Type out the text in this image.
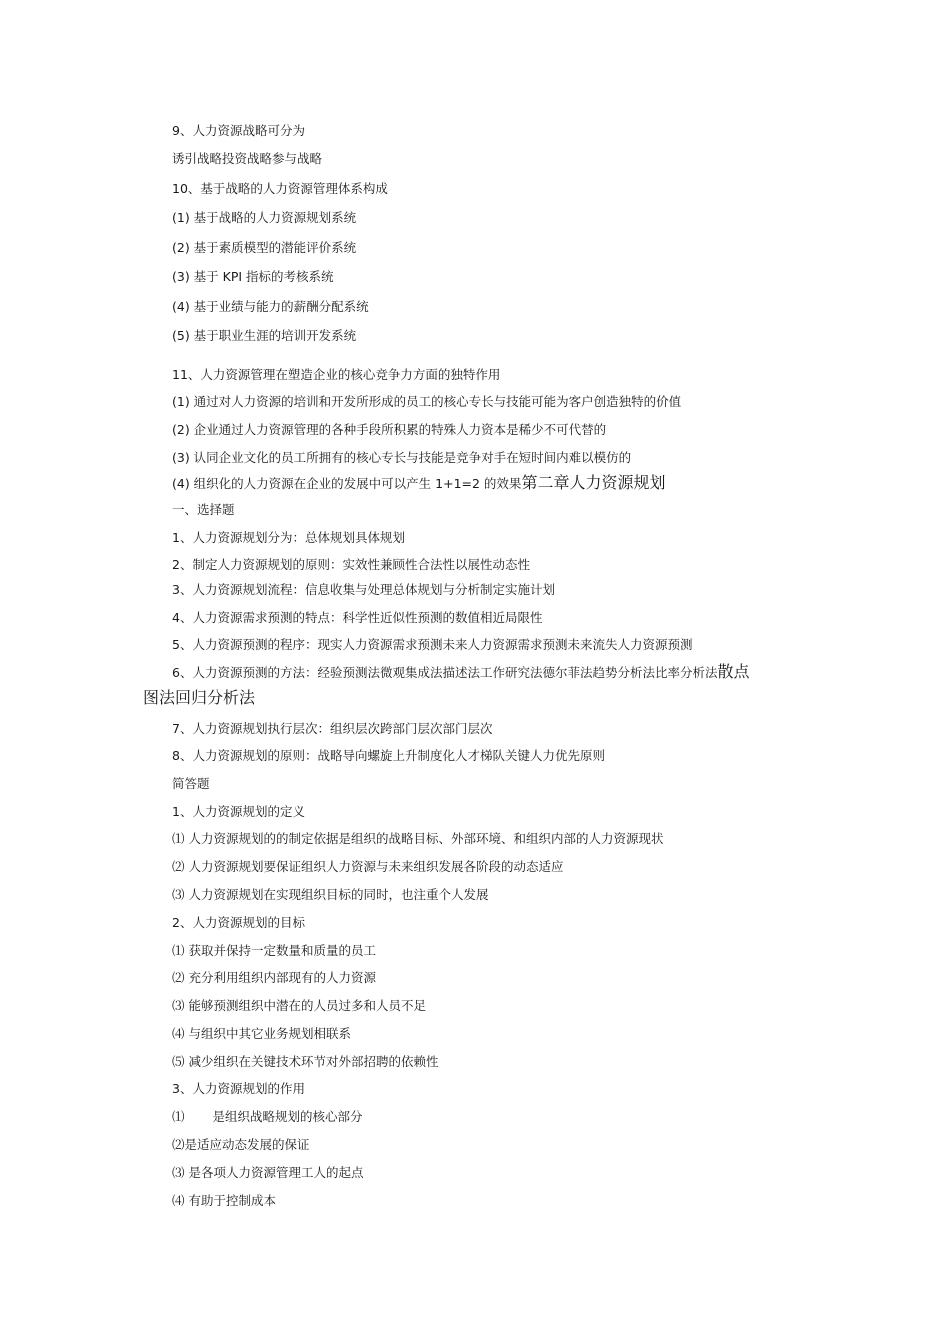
9、人力资源战略可分为
诱引战略投资战略参与战略
10、基于战略的人力资源管理体系构成
(1) 基于战略的人力资源规划系统
(2) 基于素质模型的潜能评价系统
(3) 基于 KPI 指标的考核系统
(4) 基于业绩与能力的薪酬分配系统
(5) 基于职业生涯的培训开发系统
11、人力资源管理在塑造企业的核心竞争力方面的独特作用
(1) 通过对人力资源的培训和开发所形成的员工的核心专长与技能可能为客户创造独特的价值
(2) 企业通过人力资源管理的各种手段所积累的特殊人力资本是稀少不可代替的
(3) 认同企业文化的员工所拥有的核心专长与技能是竞争对手在短时间内难以模仿的
(4) 组织化的人力资源在企业的发展中可以产生 1+1=2 的效果第二章人力资源规划
一、选择题
1、人力资源规划分为：总体规划具体规划
2、制定人力资源规划的原则：实效性兼顾性合法性以展性动态性
3、人力资源规划流程：信息收集与处理总体规划与分析制定实施计划
4、人力资源需求预测的特点：科学性近似性预测的数值相近局限性
5、人力资源预测的程序：现实人力资源需求预测未来人力资源需求预测未来流失人力资源预测
6、人力资源预测的方法：经验预测法微观集成法描述法工作研究法德尔菲法趋势分析法比率分析法散点
图法回归分析法
7、人力资源规划执行层次：组织层次跨部门层次部门层次
8、人力资源规划的原则：战略导向螺旋上升制度化人才梯队关键人力优先原则
简答题
1、人力资源规划的定义
⑴ 人力资源规划的的制定依据是组织的战略目标、外部环境、和组织内部的人力资源现状
⑵ 人力资源规划要保证组织人力资源与未来组织发展各阶段的动态适应
⑶ 人力资源规划在实现组织目标的同时，也注重个人发展
2、人力资源规划的目标
⑴ 获取并保持一定数量和质量的员工
⑵ 充分利用组织内部现有的人力资源
⑶ 能够预测组织中潜在的人员过多和人员不足
⑷ 与组织中其它业务规划相联系
⑸ 减少组织在关键技术环节对外部招聘的依赖性
3、人力资源规划的作用
⑴ 是组织战略规划的核心部分
⑵是适应动态发展的保证
⑶ 是各项人力资源管理工人的起点
⑷ 有助于控制成本
